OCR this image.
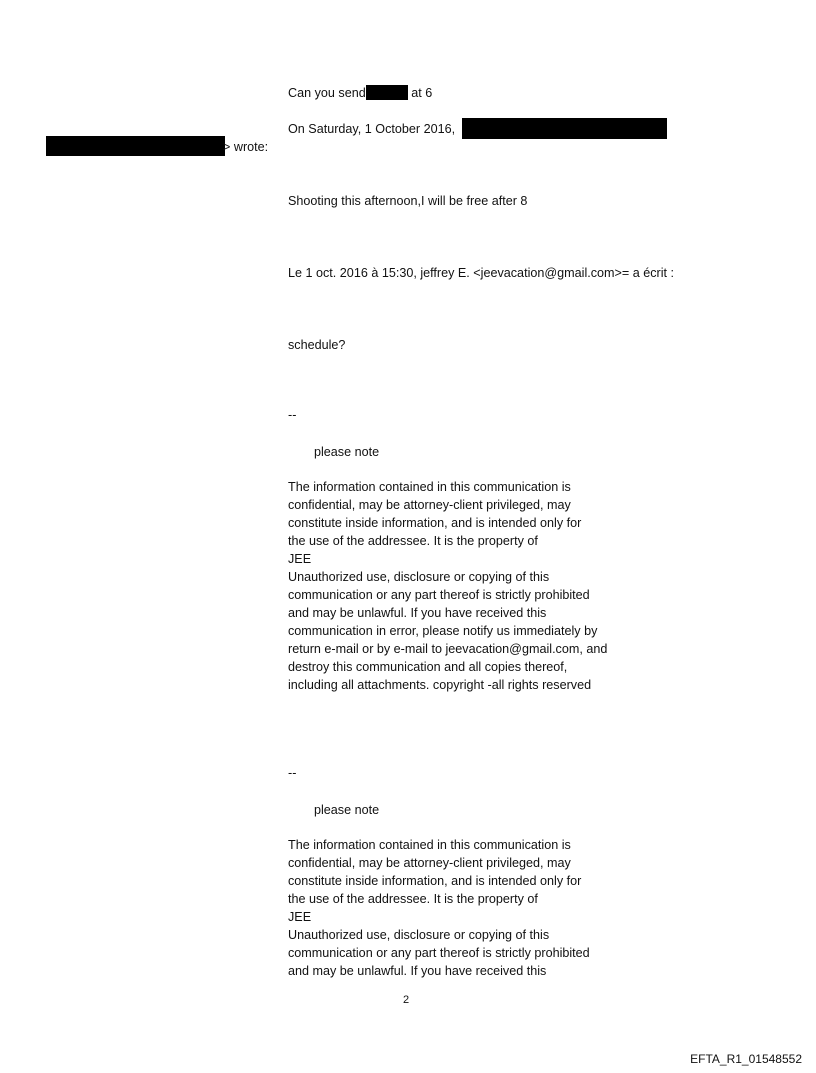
Can you send	at 6
On Saturday, 1 October 2016,
> wrote:
Shooting this afternoon,I will be free after 8
Le 1 oct. 2016 à 15:30, jeffrey E. <jeevacation@gmail.com>= a écrit :
schedule?
--
please note

The information contained in this communication is

confidential, may be attorney-client privileged, may

constitute inside information, and is intended only for

the use of the addressee. It is the property of

JEE

Unauthorized use, disclosure or copying of this

communication or any part thereof is strictly prohibited

and may be unlawful. If you have received this

communication in error, please notify us immediately by

return e-mail or by e-mail to jeevacation@gmail.com, and

destroy this communication and all copies thereof,

including all attachments. copyright -all rights reserved

--
please note

The information contained in this communication is

confidential, may be attorney-client privileged, may

constitute inside information, and is intended only for

the use of the addressee. It is the property of

JEE

Unauthorized use, disclosure or copying of this

communication or any part thereof is strictly prohibited

and may be unlawful. If you have received this

2
EFTA_R1_01548552
